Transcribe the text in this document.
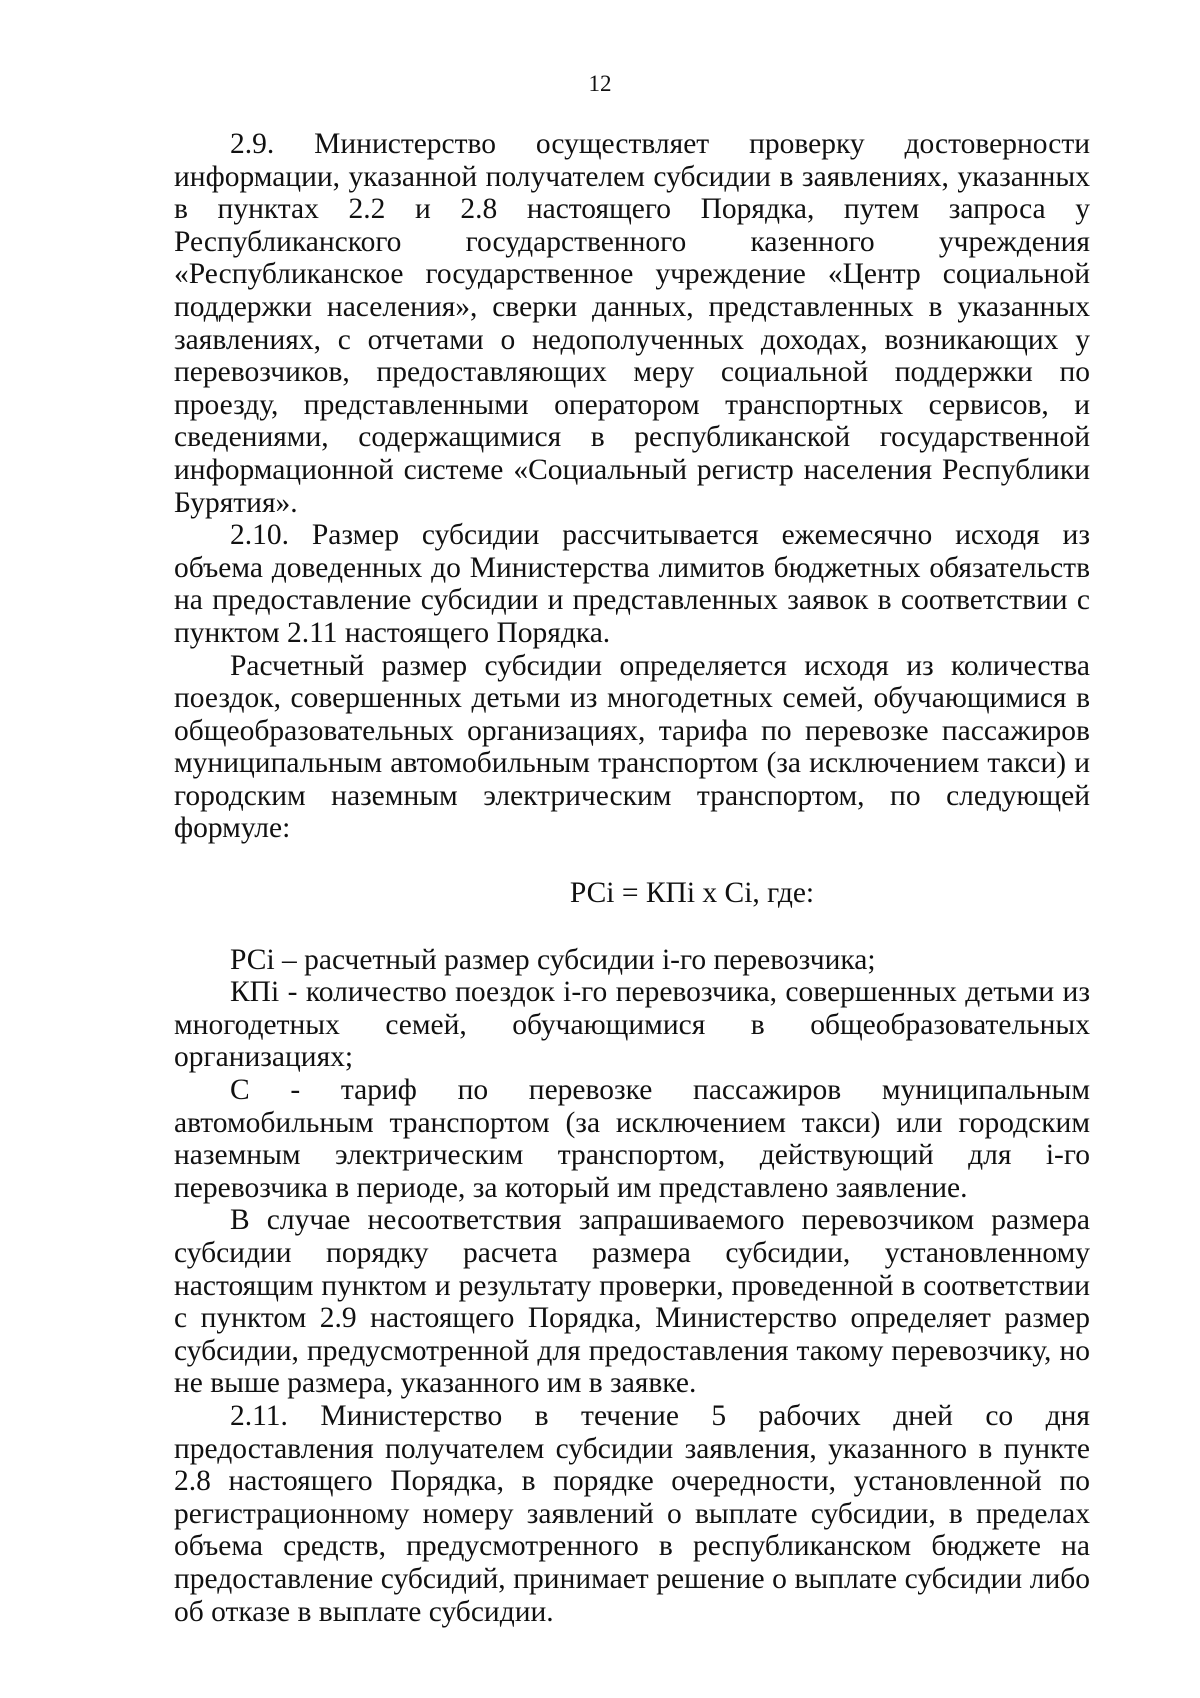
12

2.9. Министерство осуществляет проверку достоверности информации, указанной получателем субсидии в заявлениях, указанных в пунктах 2.2 и 2.8 настоящего Порядка, путем запроса у Республиканского государственного казенного учреждения «Республиканское государственное учреждение «Центр социальной поддержки населения», сверки данных, представленных в указанных заявлениях, с отчетами о недополученных доходах, возникающих у перевозчиков, предоставляющих меру социальной поддержки по проезду, представленными оператором транспортных сервисов, и сведениями, содержащимися в республиканской государственной информационной системе «Социальный регистр населения Республики Бурятия».

2.10. Размер субсидии рассчитывается ежемесячно исходя из объема доведенных до Министерства лимитов бюджетных обязательств на предоставление субсидии и представленных заявок в соответствии с пунктом 2.11 настоящего Порядка.

Расчетный размер субсидии определяется исходя из количества поездок, совершенных детьми из многодетных семей, обучающимися в общеобразовательных организациях, тарифа по перевозке пассажиров муниципальным автомобильным транспортом (за исключением такси) и городским наземным электрическим транспортом, по следующей формуле:

РСi = КПi х Сi, где:

РСi – расчетный размер субсидии i-го перевозчика;

КПi - количество поездок i-го перевозчика, совершенных детьми из многодетных семей, обучающимися в общеобразовательных организациях;

С - тариф по перевозке пассажиров муниципальным автомобильным транспортом (за исключением такси) или городским наземным электрическим транспортом, действующий для i-го перевозчика в периоде, за который им представлено заявление.

В случае несоответствия запрашиваемого перевозчиком размера субсидии порядку расчета размера субсидии, установленному настоящим пунктом и результату проверки, проведенной в соответствии с пунктом 2.9 настоящего Порядка, Министерство определяет размер субсидии, предусмотренной для предоставления такому перевозчику, но не выше размера, указанного им в заявке.

2.11. Министерство в течение 5 рабочих дней со дня предоставления получателем субсидии заявления, указанного в пункте 2.8 настоящего Порядка, в порядке очередности, установленной по регистрационному номеру заявлений о выплате субсидии, в пределах объема средств, предусмотренного в республиканском бюджете на предоставление субсидий, принимает решение о выплате субсидии либо об отказе в выплате субсидии.
